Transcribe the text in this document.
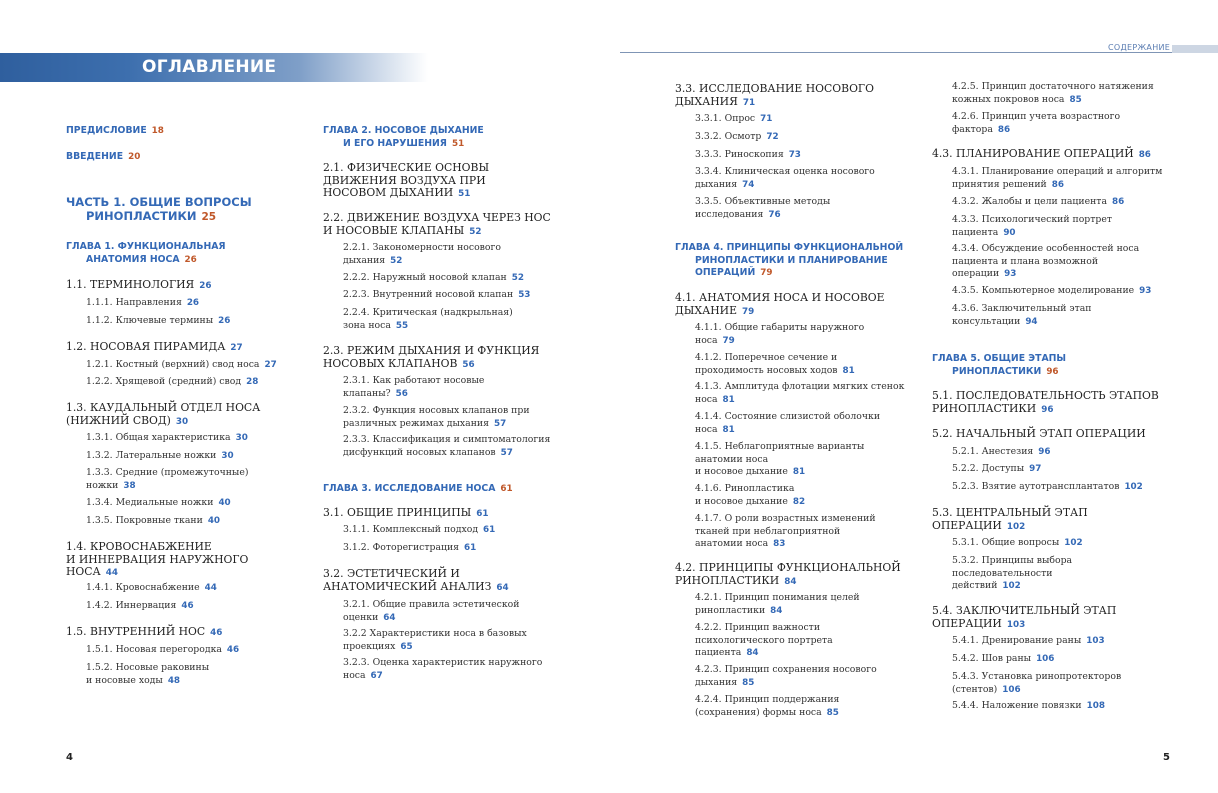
ОГЛАВЛЕНИЕ
СОДЕРЖАНИЕ
4	5
ПРЕДИСЛОВИЕ 18
ВВЕДЕНИЕ 20
ЧАСТЬ 1. ОБЩИЕ ВОПРОСЫ
РИНОПЛАСТИКИ 25
ГЛАВА 1. ФУНКЦИОНАЛЬНАЯ
АНАТОМИЯ НОСА 26
1.1. ТЕРМИНОЛОГИЯ 26
1.1.1. Направления 26
1.1.2. Ключевые термины 26
1.2. НОСОВАЯ ПИРАМИДА 27
1.2.1. Костный (верхний) свод носа 27
1.2.2. Хрящевой (средний) свод 28
1.3. КАУДАЛЬНЫЙ ОТДЕЛ НОСА
(НИЖНИЙ СВОД) 30
1.3.1. Общая характеристика 30
1.3.2. Латеральные ножки 30
1.3.3. Средние (промежуточные)
ножки 38
1.3.4. Медиальные ножки 40
1.3.5. Покровные ткани 40
1.4. КРОВОСНАБЖЕНИЕ
И ИННЕРВАЦИЯ НАРУЖНОГО
НОСА 44
1.4.1. Кровоснабжение 44
1.4.2. Иннервация 46
1.5. ВНУТРЕННИЙ НОС 46
1.5.1. Носовая перегородка 46
1.5.2. Носовые раковины
и носовые ходы 48
ГЛАВА 2. НОСОВОЕ ДЫХАНИЕ
И ЕГО НАРУШЕНИЯ 51
2.1. ФИЗИЧЕСКИЕ ОСНОВЫ
ДВИЖЕНИЯ ВОЗДУХА ПРИ
НОСОВОМ ДЫХАНИИ 51
2.2. ДВИЖЕНИЕ ВОЗДУХА ЧЕРЕЗ НОС
И НОСОВЫЕ КЛАПАНЫ 52
2.2.1. Закономерности носового
дыхания 52
2.2.2. Наружный носовой клапан 52
2.2.3. Внутренний носовой клапан 53
2.2.4. Критическая (надкрыльная)
зона носа 55
2.3. РЕЖИМ ДЫХАНИЯ И ФУНКЦИЯ
НОСОВЫХ КЛАПАНОВ 56
2.3.1. Как работают носовые
клапаны? 56
2.3.2. Функция носовых клапанов при
различных режимах дыхания 57
2.3.3. Классификация и симптоматология
дисфункций носовых клапанов 57
ГЛАВА 3. ИССЛЕДОВАНИЕ НОСА 61
3.1. ОБЩИЕ ПРИНЦИПЫ 61
3.1.1. Комплексный подход 61
3.1.2. Фоторегистрация 61
3.2. ЭСТЕТИЧЕСКИЙ И
АНАТОМИЧЕСКИЙ АНАЛИЗ 64
3.2.1. Общие правила эстетической
оценки 64
3.2.2 Характеристики носа в базовых
проекциях 65
3.2.3. Оценка характеристик наружного
носа 67
3.3. ИССЛЕДОВАНИЕ НОСОВОГО
ДЫХАНИЯ 71
3.3.1. Опрос 71
3.3.2. Осмотр 72
3.3.3. Риноскопия 73
3.3.4. Клиническая оценка носового
дыхания 74
3.3.5. Объективные методы
исследования 76
ГЛАВА 4. ПРИНЦИПЫ ФУНКЦИОНАЛЬНОЙ
РИНОПЛАСТИКИ И ПЛАНИРОВАНИЕ
ОПЕРАЦИЙ 79
4.1. АНАТОМИЯ НОСА И НОСОВОЕ
ДЫХАНИЕ 79
4.1.1. Общие габариты наружного
носа 79
4.1.2. Поперечное сечение и
проходимость носовых ходов 81
4.1.3. Амплитуда флотации мягких стенок
носа 81
4.1.4. Состояние слизистой оболочки
носа 81
4.1.5. Неблагоприятные варианты
анатомии носа
и носовое дыхание 81
4.1.6. Ринопластика
и носовое дыхание 82
4.1.7. О роли возрастных изменений
тканей при неблагоприятной
анатомии носа 83
4.2. ПРИНЦИПЫ ФУНКЦИОНАЛЬНОЙ
РИНОПЛАСТИКИ 84
4.2.1. Принцип понимания целей
ринопластики 84
4.2.2. Принцип важности
психологического портрета
пациента 84
4.2.3. Принцип сохранения носового
дыхания 85
4.2.4. Принцип поддержания
(сохранения) формы носа 85
4.2.5. Принцип достаточного натяжения
кожных покровов носа 85
4.2.6. Принцип учета возрастного
фактора 86
4.3. ПЛАНИРОВАНИЕ ОПЕРАЦИЙ 86
4.3.1. Планирование операций и алгоритм
принятия решений 86
4.3.2. Жалобы и цели пациента 86
4.3.3. Психологический портрет
пациента 90
4.3.4. Обсуждение особенностей носа
пациента и плана возможной
операции 93
4.3.5. Компьютерное моделирование 93
4.3.6. Заключительный этап
консультации 94
ГЛАВА 5. ОБЩИЕ ЭТАПЫ
РИНОПЛАСТИКИ 96
5.1. ПОСЛЕДОВАТЕЛЬНОСТЬ ЭТАПОВ
РИНОПЛАСТИКИ 96
5.2. НАЧАЛЬНЫЙ ЭТАП ОПЕРАЦИИ
5.2.1. Анестезия 96
5.2.2. Доступы 97
5.2.3. Взятие аутотрансплантатов 102
5.3. ЦЕНТРАЛЬНЫЙ ЭТАП
ОПЕРАЦИИ 102
5.3.1. Общие вопросы 102
5.3.2. Принципы выбора
последовательности
действий 102
5.4. ЗАКЛЮЧИТЕЛЬНЫЙ ЭТАП
ОПЕРАЦИИ 103
5.4.1. Дренирование раны 103
5.4.2. Шов раны 106
5.4.3. Установка ринопротекторов
(стентов) 106
5.4.4. Наложение повязки 108
